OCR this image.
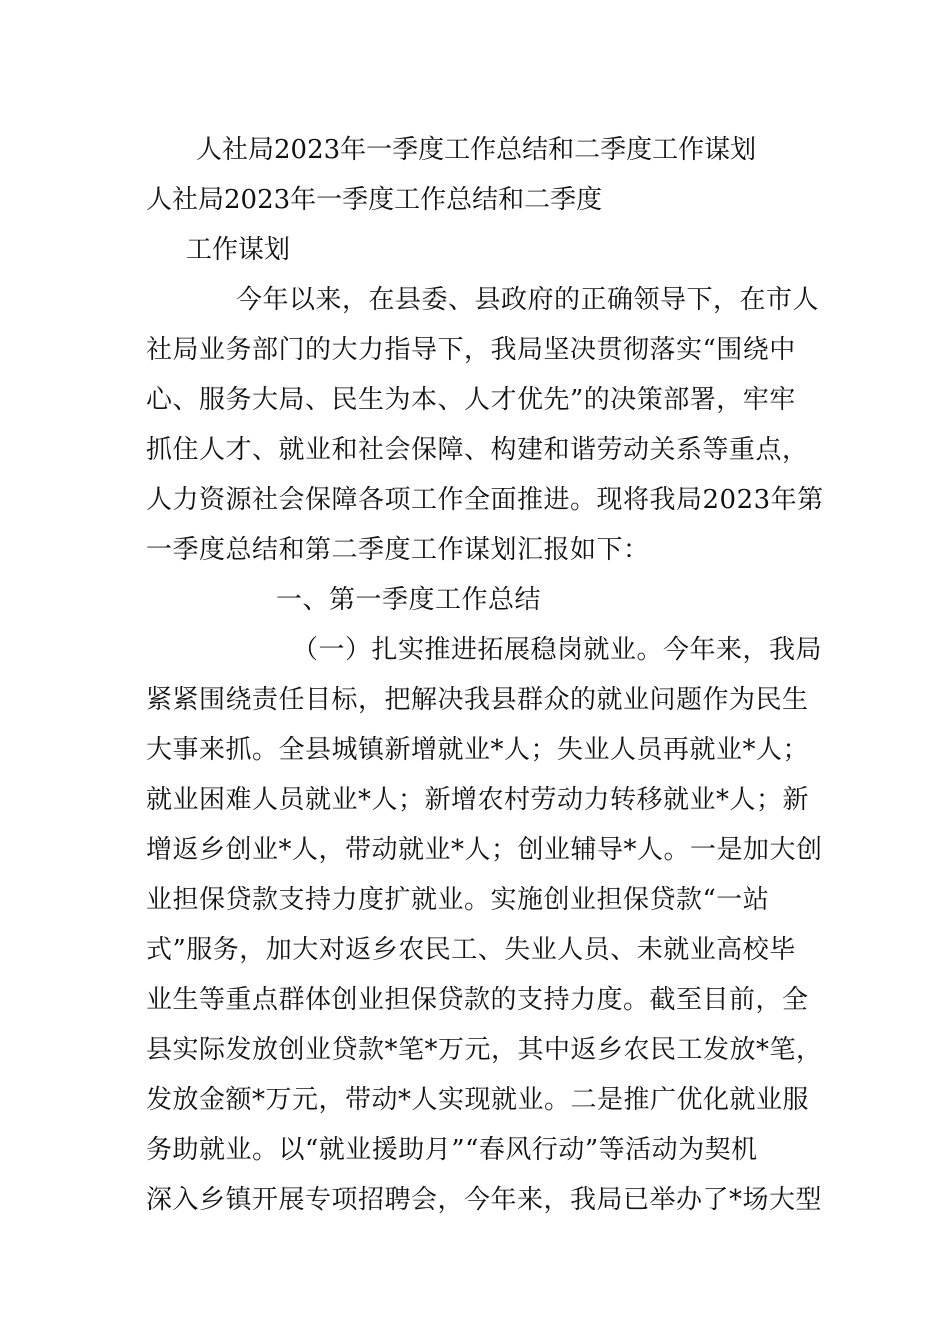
人社局2023年一季度工作总结和二季度工作谋划
人社局2023年一季度工作总结和二季度
工作谋划
今年以来，在县委、县政府的正确领导下，在市人
社局业务部门的大力指导下，我局坚决贯彻落实“围绕中
心、服务大局、民生为本、人才优先”的决策部署，牢牢
抓住人才、就业和社会保障、构建和谐劳动关系等重点，
人力资源社会保障各项工作全面推进。现将我局2023年第
一季度总结和第二季度工作谋划汇报如下：
一、第一季度工作总结
（一）扎实推进拓展稳岗就业。今年来，我局
紧紧围绕责任目标，把解决我县群众的就业问题作为民生
大事来抓。全县城镇新增就业*人；失业人员再就业*人；
就业困难人员就业*人；新增农村劳动力转移就业*人；新
增返乡创业*人，带动就业*人；创业辅导*人。一是加大创
业担保贷款支持力度扩就业。实施创业担保贷款“一站
式”服务，加大对返乡农民工、失业人员、未就业高校毕
业生等重点群体创业担保贷款的支持力度。截至目前，全
县实际发放创业贷款*笔*万元，其中返乡农民工发放*笔，
发放金额*万元，带动*人实现就业。二是推广优化就业服
务助就业。以“就业援助月”“春风行动”等活动为契机
深入乡镇开展专项招聘会，今年来，我局已举办了*场大型
